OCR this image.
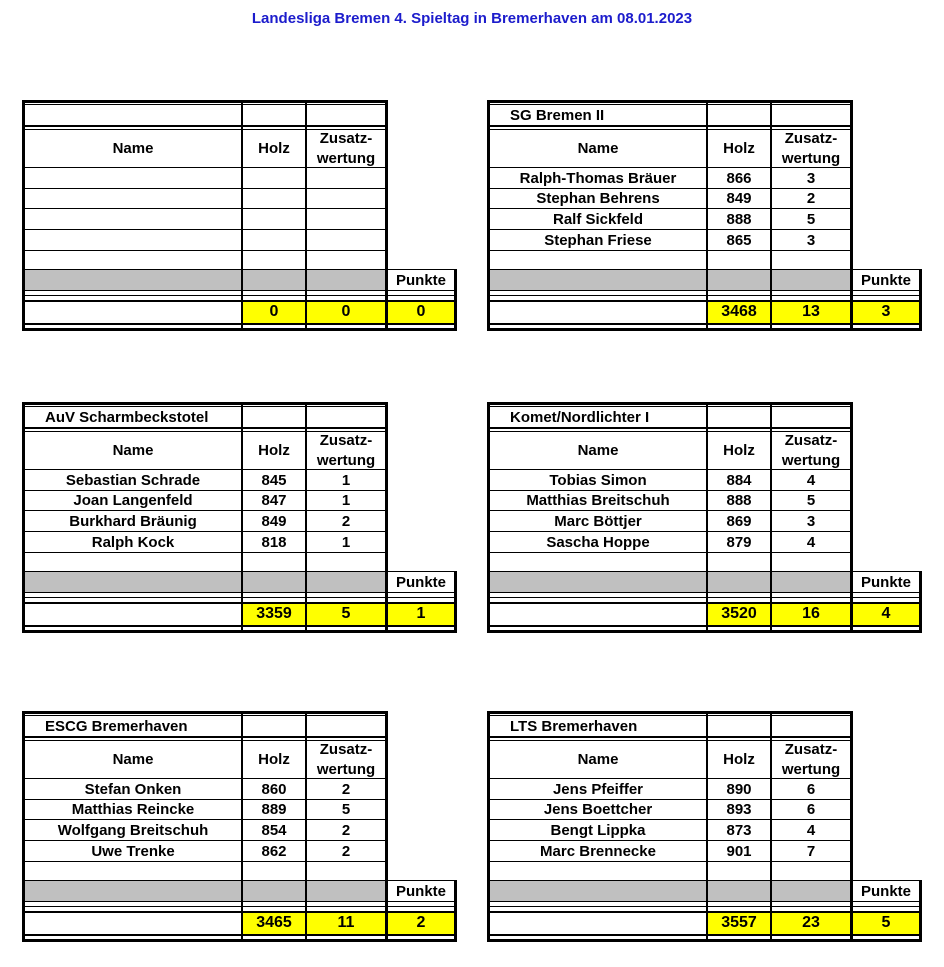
Landesliga Bremen 4. Spieltag in Bremerhaven am 08.01.2023
Name	Holz
Zusatz-
wertung
Punkte
0	0	0
SG Bremen II
Name	Holz
Zusatz-
wertung
Ralph-Thomas Bräuer	866	3
Stephan Behrens	849	2
Ralf Sickfeld	888	5
Stephan Friese	865	3
Punkte
3468	13	3
AuV Scharmbeckstotel
Name	Holz
Zusatz-
wertung
Sebastian Schrade	845	1
Joan Langenfeld	847	1
Burkhard Bräunig	849	2
Ralph Kock	818	1
Punkte
3359	5	1
Komet/Nordlichter I
Name	Holz
Zusatz-
wertung
Tobias Simon	884	4
Matthias Breitschuh	888	5
Marc Böttjer	869	3
Sascha Hoppe	879	4
Punkte
3520	16	4
ESCG Bremerhaven
Name	Holz
Zusatz-
wertung
Stefan Onken	860	2
Matthias Reincke	889	5
Wolfgang Breitschuh	854	2
Uwe Trenke	862	2
Punkte
3465	11	2
LTS Bremerhaven
Name	Holz
Zusatz-
wertung
Jens Pfeiffer	890	6
Jens Boettcher	893	6
Bengt Lippka	873	4
Marc Brennecke	901	7
Punkte
3557	23	5
